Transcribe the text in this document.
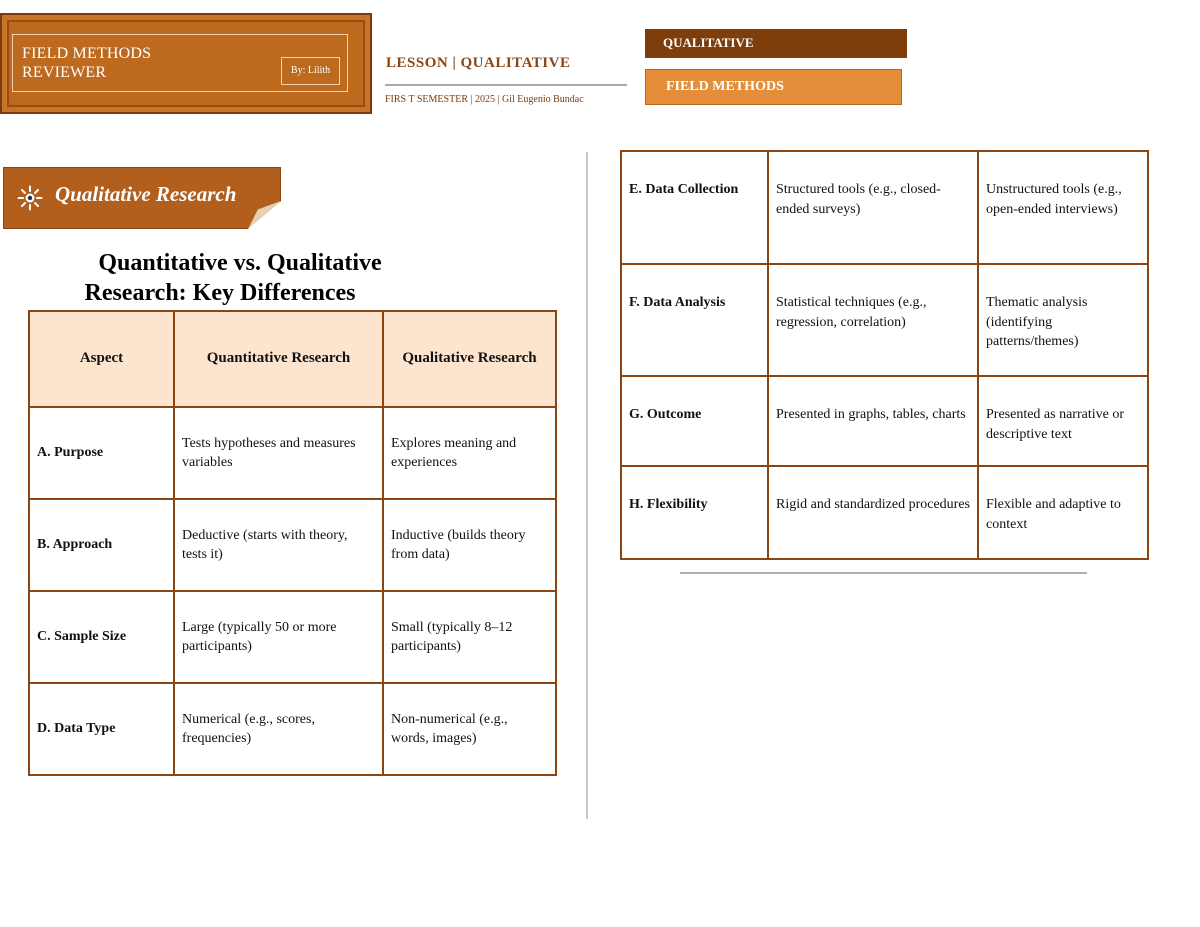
FIELD METHODS
REVIEWER	By: Lilith	LESSON | QUALITATIVE
FIRS T SEMESTER | 2025 | Gil Eugenio Bundac
QUALITATIVE
FIELD METHODS
Qualitative Research
Quantitative vs. Qualitative
Research: Key Differences
Aspect	Quantitative Research	Qualitative Research
A. Purpose	Tests hypotheses and measures variables	Explores meaning and experiences
B. Approach	Deductive (starts with theory, tests it)	Inductive (builds theory from data)
C. Sample Size	Large (typically 50 or more participants)	Small (typically 8–12 participants)
D. Data Type	Numerical (e.g., scores, frequencies)	Non-numerical (e.g., words, images)
E. Data Collection	Structured tools (e.g., closed-ended surveys)	Unstructured tools (e.g., open-ended interviews)
F. Data Analysis	Statistical techniques (e.g., regression, correlation)	Thematic analysis (identifying patterns/themes)
G. Outcome	Presented in graphs, tables, charts	Presented as narrative or descriptive text
H. Flexibility	Rigid and standardized procedures	Flexible and adaptive to context
